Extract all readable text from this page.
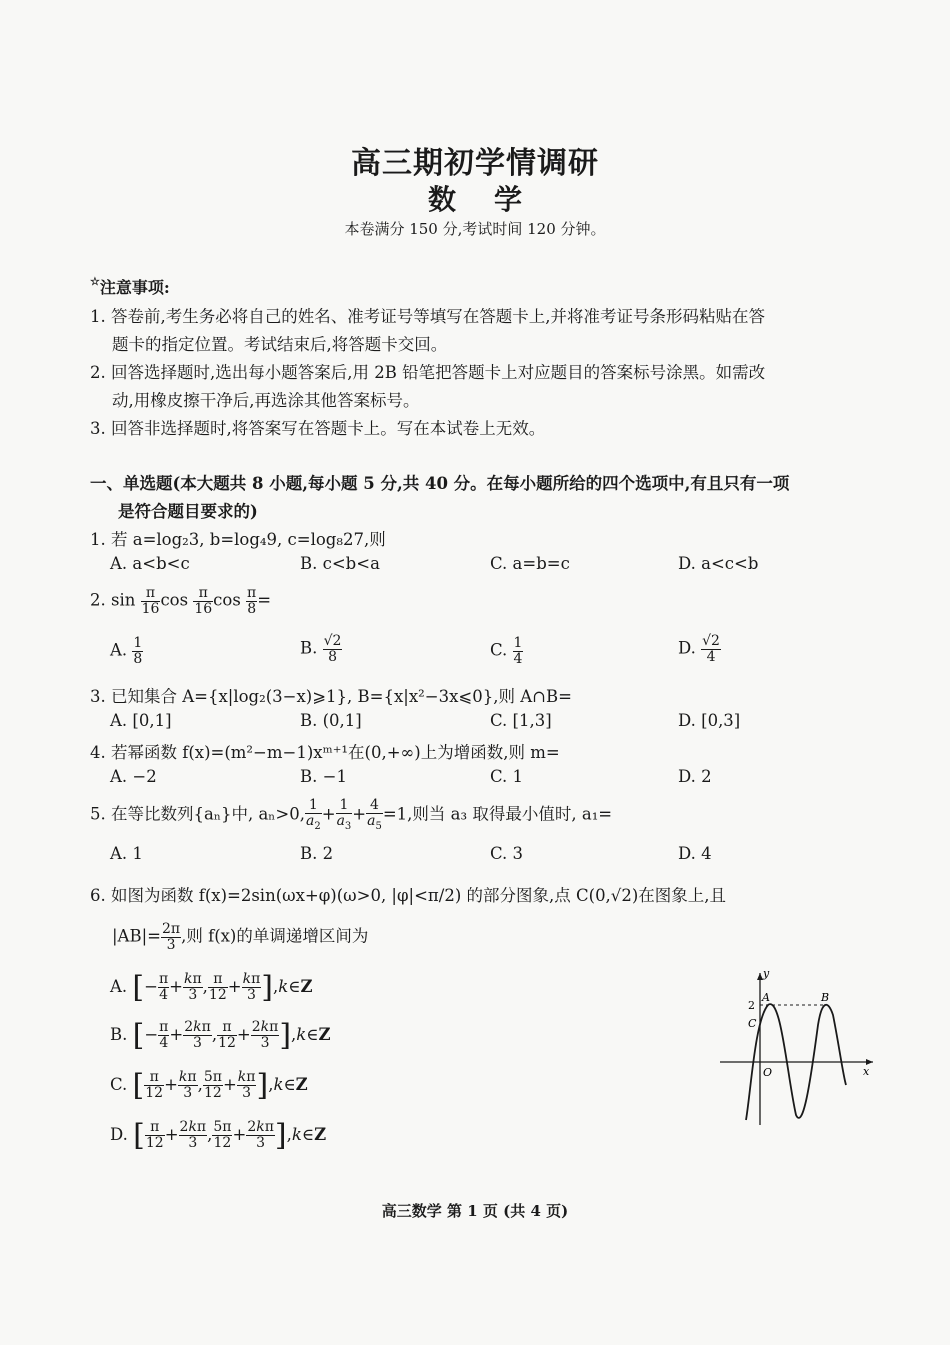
高三期初学情调研
数学
本卷满分 150 分,考试时间 120 分钟。
☆注意事项:
1. 答卷前,考生务必将自己的姓名、准考证号等填写在答题卡上,并将准考证号条形码粘贴在答
题卡的指定位置。考试结束后,将答题卡交回。
2. 回答选择题时,选出每小题答案后,用 2B 铅笔把答题卡上对应题目的答案标号涂黑。如需改
动,用橡皮擦干净后,再选涂其他答案标号。
3. 回答非选择题时,将答案写在答题卡上。写在本试卷上无效。
一、单选题(本大题共 8 小题,每小题 5 分,共 40 分。在每小题所给的四个选项中,有且只有一项
是符合题目要求的)
1. 若 a=log₂3, b=log₄9, c=log₈27,则
A. a<b<c	B. c<b<a	C. a=b=c	D. a<c<b
2. $\sin \frac{\pi}{16}$ $\cos \frac{\pi}{16}$ $\cos \frac{\pi}{8}$ =
A. $\frac{1}{8}$	B. $\frac{√2}{8}$	C. $\frac{1}{4}$	D. $\frac{√2}{4}$
3. 已知集合 A={x|log₂(3−x)⩾1}, B={x|x²−3x⩽0},则 A∩B=
A. [0,1]	B. (0,1]	C. [1,3]	D. [0,3]
4. 若幂函数 f(x)=(m²−m−1)xᵐ⁺¹在(0,+∞)上为增函数,则 m=
A. −2	B. −1	C. 1	D. 2
5. 在等比数列{aₙ}中, aₙ>0, $\frac{1}{a_2} + \frac{1}{a_3} + \frac{4}{a_5} =1$,则当 a₃ 取得最小值时, a₁=
A. 1	B. 2	C. 3	D. 4
6. 如图为函数 f(x)=2sin(ωx+φ)(ω>0, |φ|<π/2) 的部分图象,点 C(0,√2)在图象上,且
$|AB|= \frac{2\pi}{3}$ ,则 f(x)的单调递增区间为
A. [− $\frac{\pi}{4} + \frac{k\pi}{3}$ , $\frac{\pi}{12} + \frac{k\pi}{3}$ ],k∈Z
B. [− $\frac{\pi}{4} + \frac{2k\pi}{3}$ , $\frac{\pi}{12} + \frac{2k\pi}{3}$ ],k∈Z
C. [ $\frac{\pi}{12} + \frac{k\pi}{3}$ , $\frac{5\pi}{12} + \frac{k\pi}{3}$ ],k∈Z
D. [ $\frac{\pi}{12} + \frac{2k\pi}{3}$ , $\frac{5\pi}{12} + \frac{2k\pi}{3}$ ],k∈Z
y
x
O
2
A	B
C
高三数学 第 1 页 (共 4 页)
